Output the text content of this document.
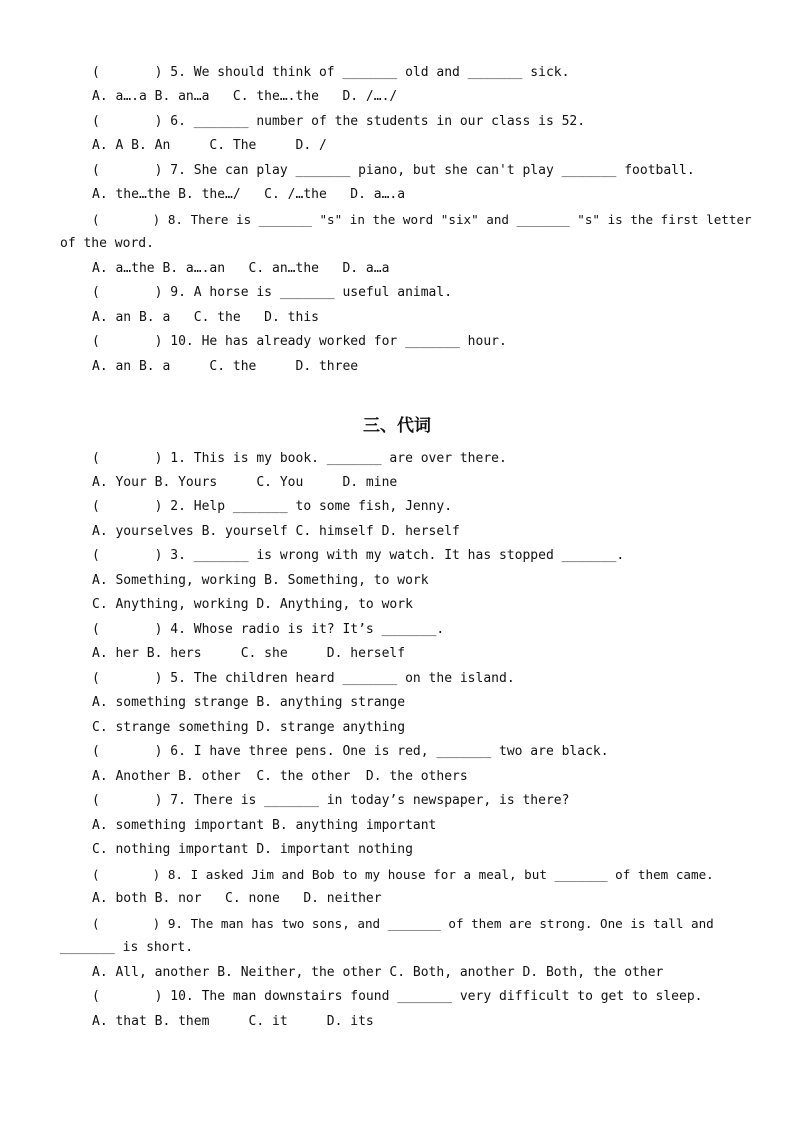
(       ) 5. We should think of _______ old and _______ sick.
A. a….a B. an…a   C. the….the   D. /…./
(       ) 6. _______ number of the students in our class is 52.
A. A B. An     C. The     D. /
(       ) 7. She can play _______ piano, but she can't play _______ football.
A. the…the B. the…/   C. /…the   D. a….a
(       ) 8. There is _______ "s" in the word "six" and _______ "s" is the first letter
of the word.
A. a…the B. a….an   C. an…the   D. a…a
(       ) 9. A horse is _______ useful animal.
A. an B. a   C. the   D. this
(       ) 10. He has already worked for _______ hour.
A. an B. a     C. the     D. three
三、代词
(       ) 1. This is my book. _______ are over there.
A. Your B. Yours     C. You     D. mine
(       ) 2. Help _______ to some fish, Jenny.
A. yourselves B. yourself C. himself D. herself
(       ) 3. _______ is wrong with my watch. It has stopped _______.
A. Something, working B. Something, to work
C. Anything, working D. Anything, to work
(       ) 4. Whose radio is it? It’s _______.
A. her B. hers     C. she     D. herself
(       ) 5. The children heard _______ on the island.
A. something strange B. anything strange
C. strange something D. strange anything
(       ) 6. I have three pens. One is red, _______ two are black.
A. Another B. other  C. the other  D. the others
(       ) 7. There is _______ in today’s newspaper, is there?
A. something important B. anything important
C. nothing important D. important nothing
(       ) 8. I asked Jim and Bob to my house for a meal, but _______ of them came.
A. both B. nor   C. none   D. neither
(       ) 9. The man has two sons, and _______ of them are strong. One is tall and
_______ is short.
A. All, another B. Neither, the other C. Both, another D. Both, the other
(       ) 10. The man downstairs found _______ very difficult to get to sleep.
A. that B. them     C. it     D. its
